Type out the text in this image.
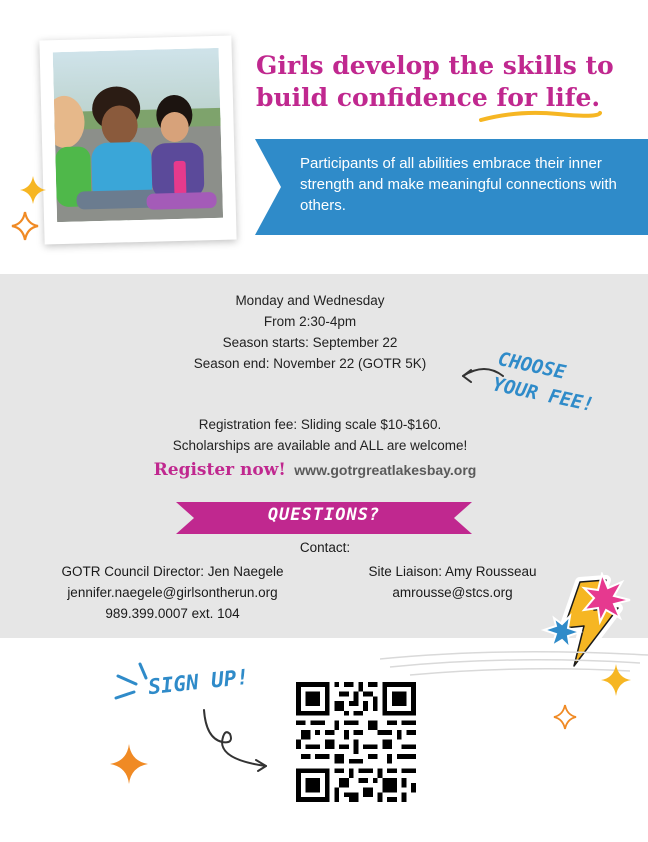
Girls develop the skills to
build confidence for life.
Participants of all abilities embrace their inner strength and make meaningful connections with others.
Monday and Wednesday
From 2:30-4pm
Season starts: September 22
Season end: November 22 (GOTR 5K)	CHOOSE
YOUR FEE!
Registration fee: Sliding scale $10-$160.
Scholarships are available and ALL are welcome!
Register now! www.gotrgreatlakesbay.org
QUESTIONS?
Contact:
GOTR Council Director: Jen Naegele
jennifer.naegele@girlsontherun.org
989.399.0007 ext. 104
Site Liaison: Amy Rousseau
amrousse@stcs.org
SIGN UP!
